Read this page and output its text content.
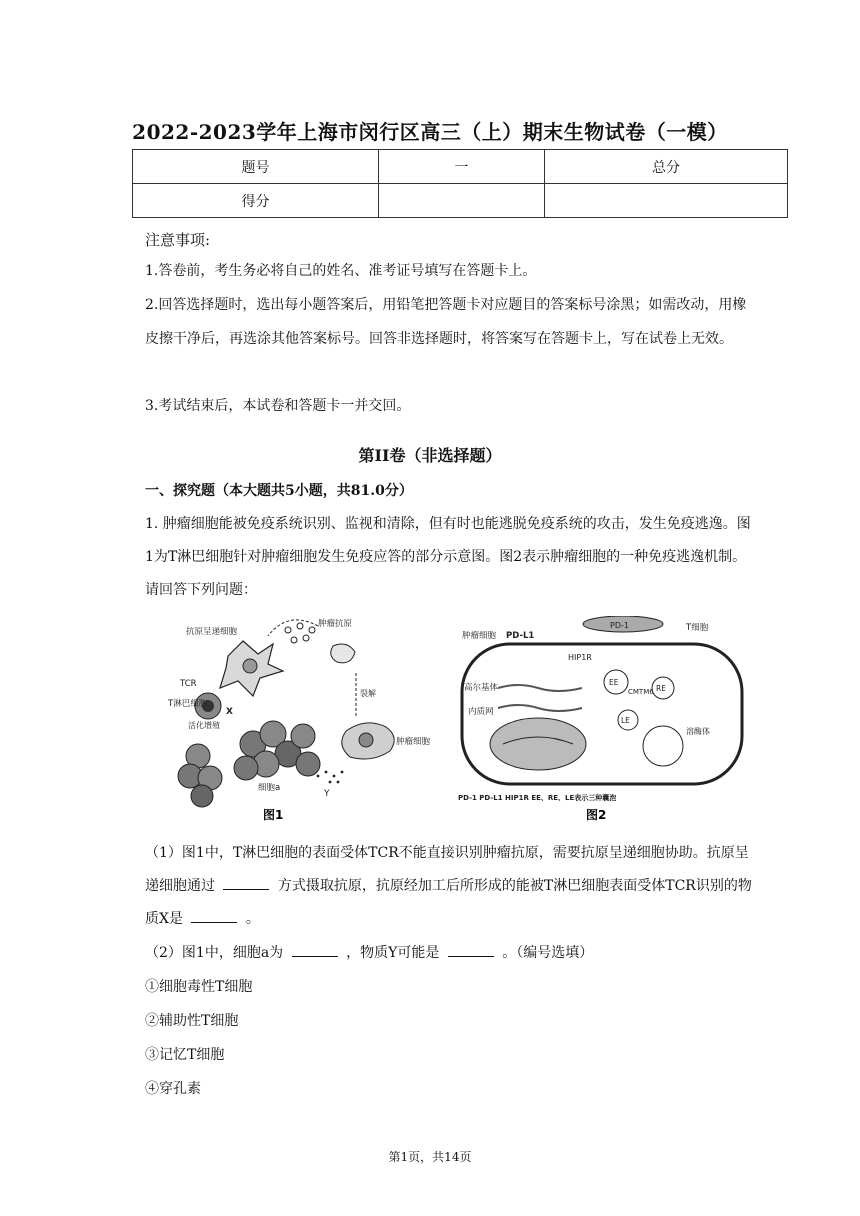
2022-2023学年上海市闵行区高三（上）期末生物试卷（一模）
题号	一	总分
得分		
注意事项:
1.答卷前，考生务必将自己的姓名、准考证号填写在答题卡上。
2.回答选择题时，选出每小题答案后，用铅笔把答题卡对应题目的答案标号涂黑；如需改动，用橡皮擦干净后，再选涂其他答案标号。回答非选择题时，将答案写在答题卡上，写在试卷上无效。
3.考试结束后，本试卷和答题卡一并交回。
第II卷（非选择题）
一、探究题（本大题共5小题，共81.0分）
1. 肿瘤细胞能被免疫系统识别、监视和清除，但有时也能逃脱免疫系统的攻击，发生免疫逃逸。图1为T淋巴细胞针对肿瘤细胞发生免疫应答的部分示意图。图2表示肿瘤细胞的一种免疫逃逸机制。请回答下列问题：
裂解
抗原呈递细胞
肿瘤抗原
TCR
T淋巴细胞
X
活化增殖
细胞a
Y
肿瘤细胞
图1
肿瘤细胞 PD-L1
PD-1	T细胞
HIP1R
高尔基体
内质网
EE
CMTM6 RE
LE
溶酶体
PD-1 PD-L1 HIP1R EE、RE、LE表示三种囊泡
图2
（1）图1中，T淋巴细胞的表面受体TCR不能直接识别肿瘤抗原，需要抗原呈递细胞协助。抗原呈递细胞通过	方式摄取抗原，抗原经加工后所形成的能被T淋巴细胞表面受体TCR识别的物质X是	。
（2）图1中，细胞a为	，物质Y可能是	。（编号选填）
①细胞毒性T细胞
②辅助性T细胞
③记忆T细胞
④穿孔素
第1页，共14页
